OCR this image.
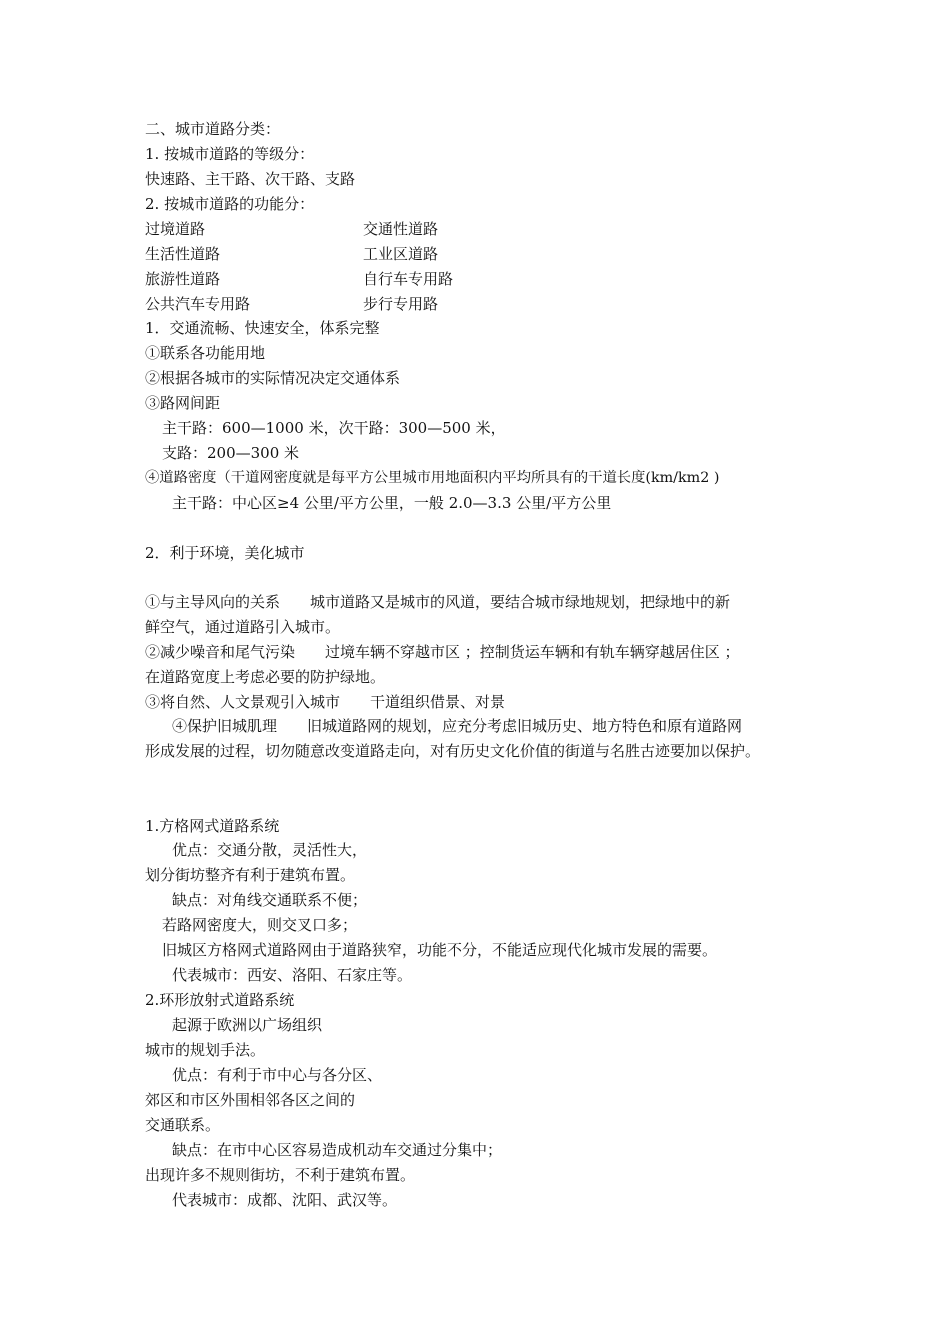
二、城市道路分类：
1. 按城市道路的等级分：
快速路、主干路、次干路、支路
2. 按城市道路的功能分：
过境道路	交通性道路
生活性道路	工业区道路
旅游性道路	自行车专用路
公共汽车专用路	步行专用路
1．交通流畅、快速安全，体系完整
①联系各功能用地
②根据各城市的实际情况决定交通体系
③路网间距
主干路：600—1000 米，次干路：300—500 米，
支路：200—300 米
④道路密度（干道网密度就是每平方公里城市用地面积内平均所具有的干道长度(km/km2 )
主干路：中心区≥4 公里/平方公里，一般 2.0—3.3 公里/平方公里
2．利于环境，美化城市
①与主导风向的关系　　城市道路又是城市的风道，要结合城市绿地规划，把绿地中的新
鲜空气，通过道路引入城市。
②减少噪音和尾气污染　　过境车辆不穿越市区 ；控制货运车辆和有轨车辆穿越居住区 ；
在道路宽度上考虑必要的防护绿地。
③将自然、人文景观引入城市　　干道组织借景、对景
④保护旧城肌理　　旧城道路网的规划，应充分考虑旧城历史、地方特色和原有道路网
形成发展的过程，切勿随意改变道路走向，对有历史文化价值的街道与名胜古迹要加以保护。
1.方格网式道路系统
优点：交通分散，灵活性大，
划分街坊整齐有利于建筑布置。
缺点：对角线交通联系不便；
若路网密度大，则交叉口多；
旧城区方格网式道路网由于道路狭窄，功能不分，不能适应现代化城市发展的需要。
代表城市：西安、洛阳、石家庄等。
2.环形放射式道路系统
起源于欧洲以广场组织
城市的规划手法。
优点：有利于市中心与各分区、
郊区和市区外围相邻各区之间的
交通联系。
缺点：在市中心区容易造成机动车交通过分集中；
出现许多不规则街坊，不利于建筑布置。
代表城市：成都、沈阳、武汉等。
